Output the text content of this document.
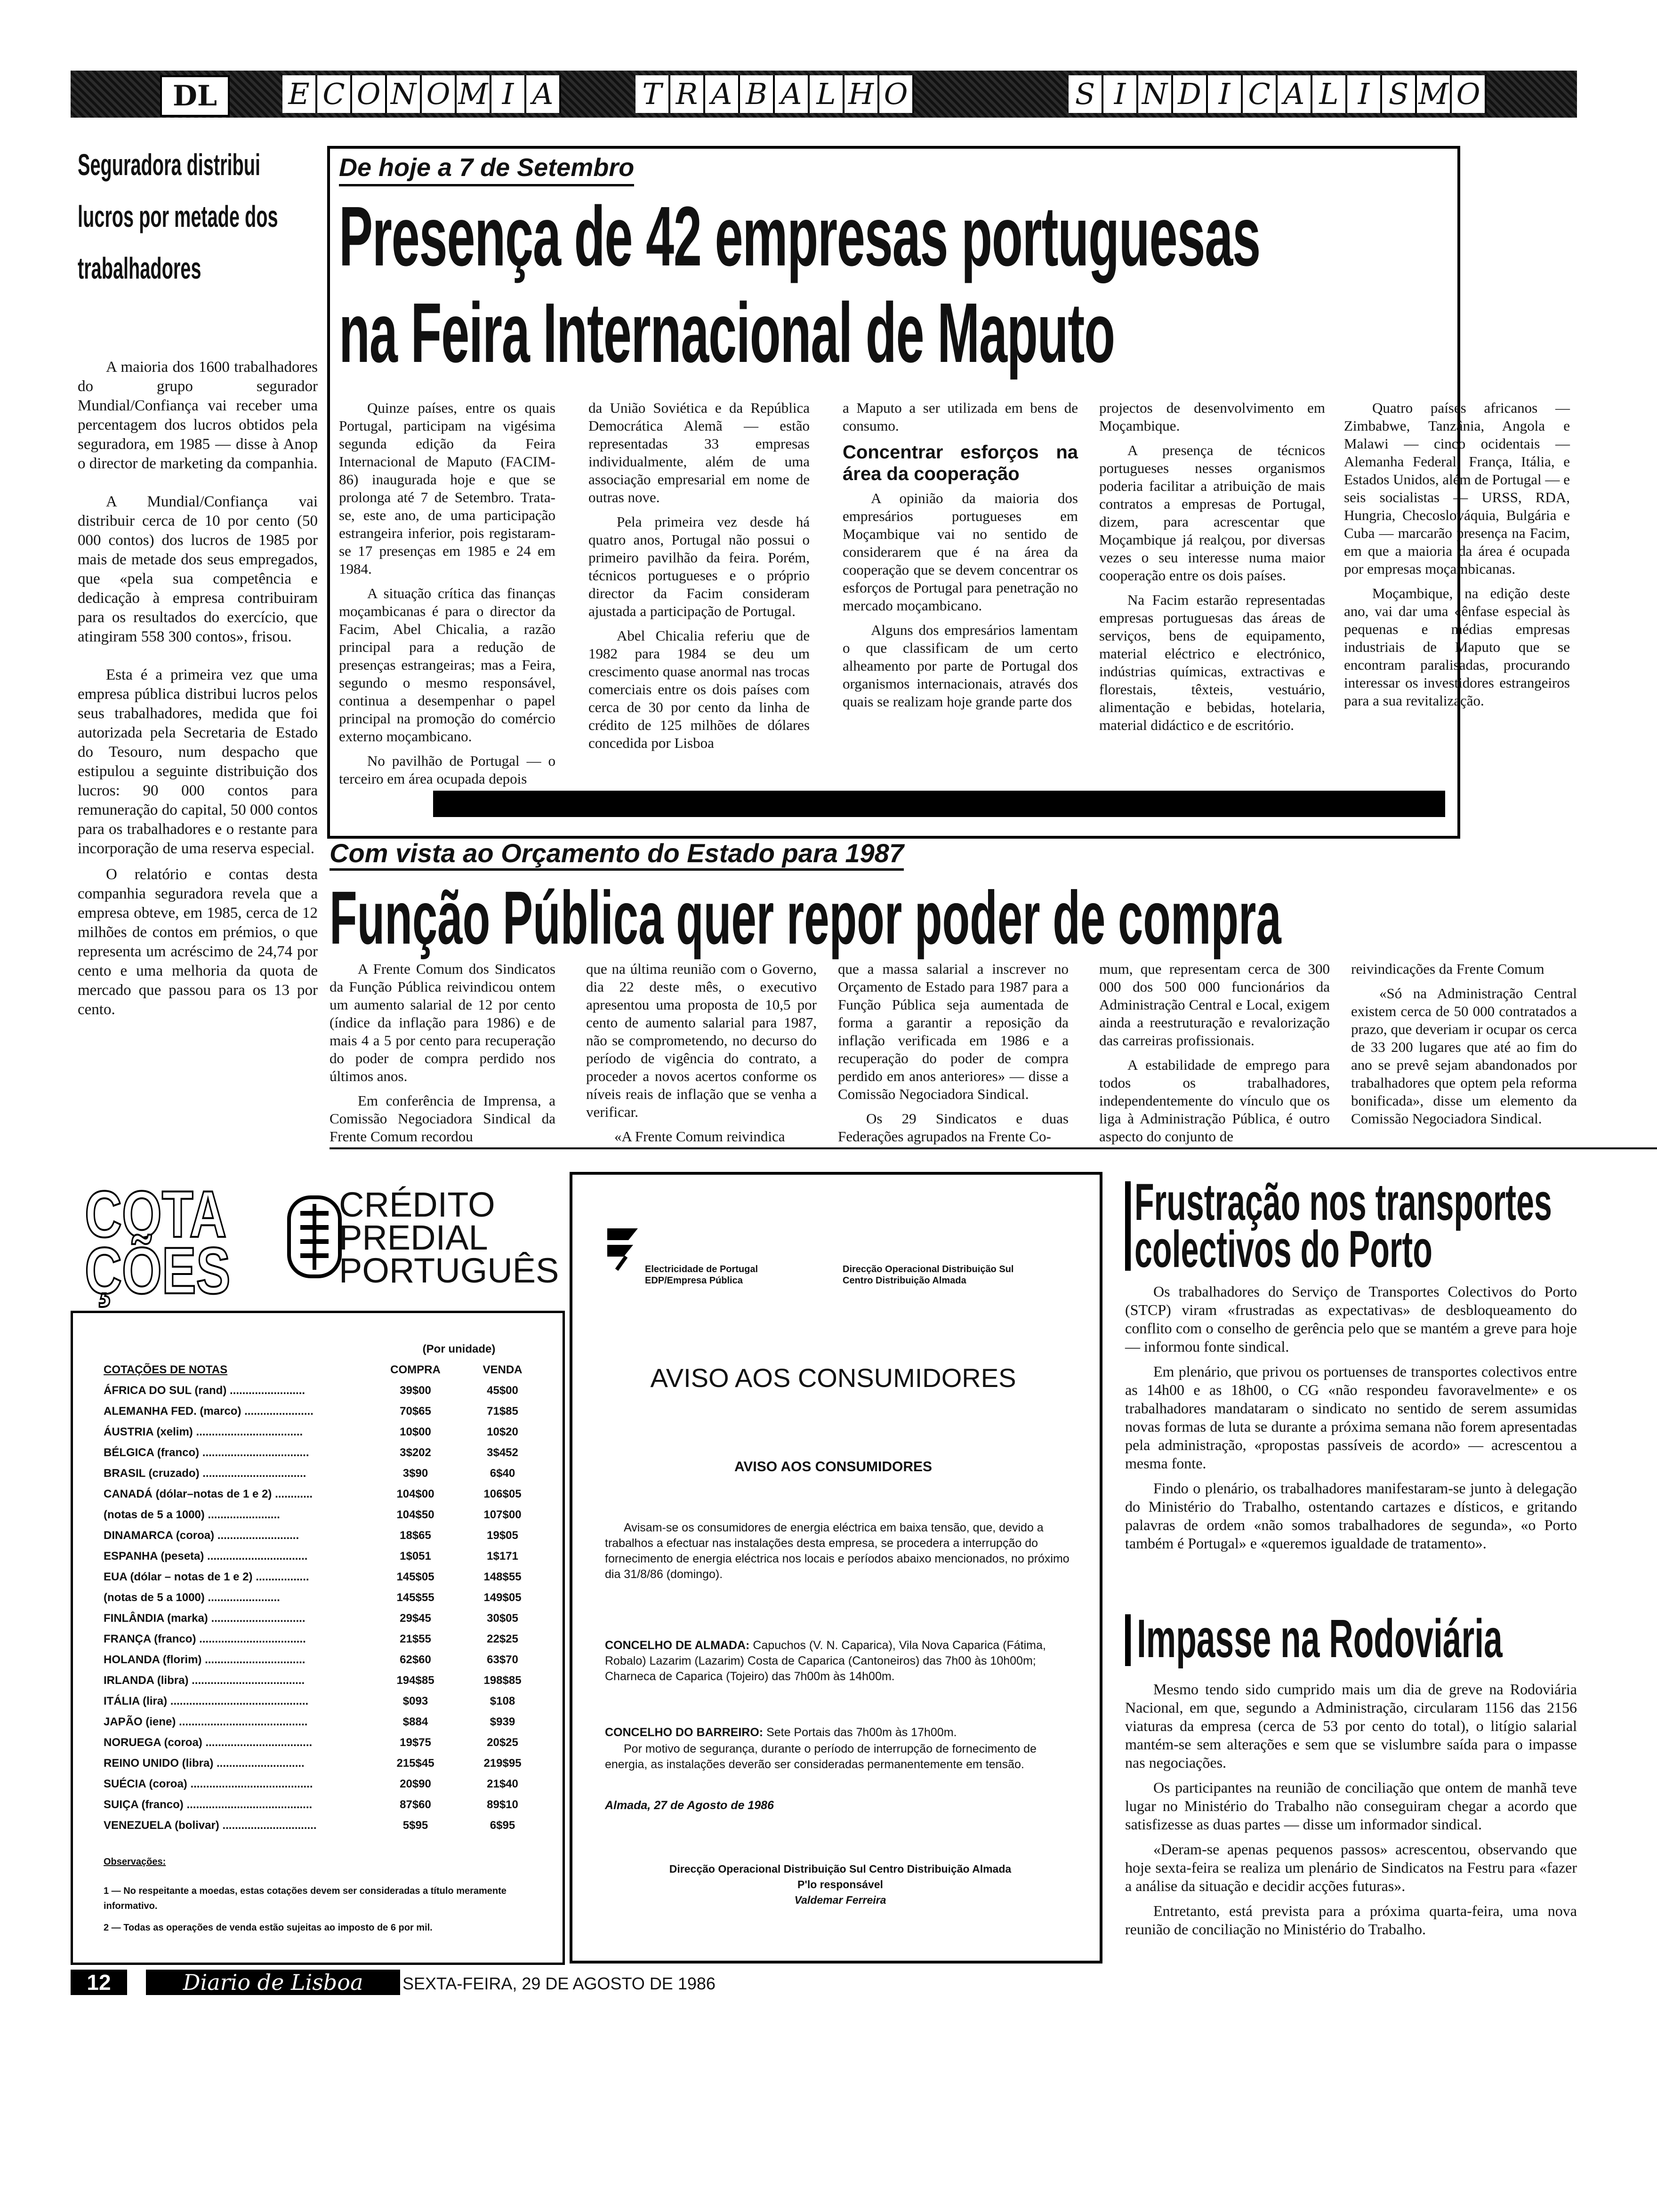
DL	E C O N O M I A	T R A B A L H O	S I N D I C A L I S M O
Seguradora distribui lucros por metade dos trabalhadores

A maioria dos 1600 trabalhadores do grupo segurador Mundial/Confiança vai receber uma percentagem dos lucros obtidos pela seguradora, em 1985 — disse à Anop o director de marketing da companhia.

A Mundial/Confiança vai distribuir cerca de 10 por cento (50 000 contos) dos lucros de 1985 por mais de metade dos seus empregados, que «pela sua competência e dedicação à empresa contribuiram para os resultados do exercício, que atingiram 558 300 contos», frisou.

Esta é a primeira vez que uma empresa pública distribui lucros pelos seus trabalhadores, medida que foi autorizada pela Secretaria de Estado do Tesouro, num despacho que estipulou a seguinte distribuição dos lucros: 90 000 contos para remuneração do capital, 50 000 contos para os trabalhadores e o restante para incorporação de uma reserva especial.

O relatório e contas desta companhia seguradora revela que a empresa obteve, em 1985, cerca de 12 milhões de contos em prémios, o que representa um acréscimo de 24,74 por cento e uma melhoria da quota de mercado que passou para os 13 por cento.

De hoje a 7 de Setembro
Presença de 42 empresas portuguesas
na Feira Internacional de Maputo

Quinze países, entre os quais Portugal, participam na vigésima segunda edição da Feira Internacional de Maputo (FACIM-86) inaugurada hoje e que se prolonga até 7 de Setembro. Trata-se, este ano, de uma participação estrangeira inferior, pois registaram-se 17 presenças em 1985 e 24 em 1984.

A situação crítica das finanças moçambicanas é para o director da Facim, Abel Chicalia, a razão principal para a redução de presenças estrangeiras; mas a Feira, segundo o mesmo responsável, continua a desempenhar o papel principal na promoção do comércio externo moçambicano.

No pavilhão de Portugal — o terceiro em área ocupada depois

da União Soviética e da República Democrática Alemã — estão representadas 33 empresas individualmente, além de uma associação empresarial em nome de outras nove.

Pela primeira vez desde há quatro anos, Portugal não possui o primeiro pavilhão da feira. Porém, técnicos portugueses e o próprio director da Facim consideram ajustada a participação de Portugal.

Abel Chicalia referiu que de 1982 para 1984 se deu um crescimento quase anormal nas trocas comerciais entre os dois países com cerca de 30 por cento da linha de crédito de 125 milhões de dólares concedida por Lisboa

a Maputo a ser utilizada em bens de consumo.

Concentrar esforços na área da cooperação

A opinião da maioria dos empresários portugueses em Moçambique vai no sentido de considerarem que é na área da cooperação que se devem concentrar os esforços de Portugal para penetração no mercado moçambicano.

Alguns dos empresários lamentam o que classificam de um certo alheamento por parte de Portugal dos organismos internacionais, através dos quais se realizam hoje grande parte dos

projectos de desenvolvimento em Moçambique.

A presença de técnicos portugueses nesses organismos poderia facilitar a atribuição de mais contratos a empresas de Portugal, dizem, para acrescentar que Moçambique já realçou, por diversas vezes o seu interesse numa maior cooperação entre os dois países.

Na Facim estarão representadas empresas portuguesas das áreas de serviços, bens de equipamento, material eléctrico e electrónico, indústrias químicas, extractivas e florestais, têxteis, vestuário, alimentação e bebidas, hotelaria, material didáctico e de escritório.

Quatro países africanos — Zimbabwe, Tanzânia, Angola e Malawi — cinco ocidentais — Alemanha Federal, França, Itália, e Estados Unidos, além de Portugal — e seis socialistas — URSS, RDA, Hungria, Checoslováquia, Bulgária e Cuba — marcarão presença na Facim, em que a maioria da área é ocupada por empresas moçambicanas.

Moçambique, na edição deste ano, vai dar uma «ênfase especial às pequenas e médias empresas industriais de Maputo que se encontram paralisadas, procurando interessar os investidores estrangeiros para a sua revitalização.

Com vista ao Orçamento do Estado para 1987
Função Pública quer repor poder de compra

A Frente Comum dos Sindicatos da Função Pública reivindicou ontem um aumento salarial de 12 por cento (índice da inflação para 1986) e de mais 4 a 5 por cento para recuperação do poder de compra perdido nos últimos anos.

Em conferência de Imprensa, a Comissão Negociadora Sindical da Frente Comum recordou

que na última reunião com o Governo, dia 22 deste mês, o executivo apresentou uma proposta de 10,5 por cento de aumento salarial para 1987, não se comprometendo, no decurso do período de vigência do contrato, a proceder a novos acertos conforme os níveis reais de inflação que se venha a verificar.

«A Frente Comum reivindica

que a massa salarial a inscrever no Orçamento de Estado para 1987 para a Função Pública seja aumentada de forma a garantir a reposição da inflação verificada em 1986 e a recuperação do poder de compra perdido em anos anteriores» — disse a Comissão Negociadora Sindical.

Os 29 Sindicatos e duas Federações agrupados na Frente Co-

mum, que representam cerca de 300 000 dos 500 000 funcionários da Administração Central e Local, exigem ainda a reestruturação e revalorização das carreiras profissionais.

A estabilidade de emprego para todos os trabalhadores, independentemente do vínculo que os liga à Administração Pública, é outro aspecto do conjunto de

reivindicações da Frente Comum

«Só na Administração Central existem cerca de 50 000 contratados a prazo, que deveriam ir ocupar os cerca de 33 200 lugares que até ao fim do ano se prevê sejam abandonados por trabalhadores que optem pela reforma bonificada», disse um elemento da Comissão Negociadora Sindical.

COTA
ÇÕES
CRÉDITO
PREDIAL
PORTUGUÊS
	(Por unidade)	
COTAÇÕES DE NOTAS	COMPRA	VENDA
ÁFRICA DO SUL (rand) ........................	39$00	45$00
ALEMANHA FED. (marco) ......................	70$65	71$85
ÁUSTRIA (xelim) ..................................	10$00	10$20
BÉLGICA (franco) ..................................	3$202	3$452
BRASIL (cruzado) .................................	3$90	6$40
CANADÁ (dólar–notas de 1 e 2) ............	104$00	106$05
(notas de 5 a 1000) .......................	104$50	107$00
DINAMARCA (coroa) ..........................	18$65	19$05
ESPANHA (peseta) ................................	1$051	1$171
EUA (dólar – notas de 1 e 2) .................	145$05	148$55
(notas de 5 a 1000) .......................	145$55	149$05
FINLÂNDIA (marka) ..............................	29$45	30$05
FRANÇA (franco) ..................................	21$55	22$25
HOLANDA (florim) ................................	62$60	63$70
IRLANDA (libra) ....................................	194$85	198$85
ITÁLIA (lira) ............................................	$093	$108
JAPÃO (iene) .........................................	$884	$939
NORUEGA (coroa) ..................................	19$75	20$25
REINO UNIDO (libra) ............................	215$45	219$95
SUÉCIA (coroa) .......................................	20$90	21$40
SUIÇA (franco) ........................................	87$60	89$10
VENEZUELA (bolivar) ..............................	5$95	6$95
Observações:
1 — No respeitante a moedas, estas cotações devem ser consideradas a título meramente informativo.
2 — Todas as operações de venda estão sujeitas ao imposto de 6 por mil.
Electricidade de Portugal
EDP/Empresa Pública
Direcção Operacional Distribuição Sul
Centro Distribuição Almada
AVISO AOS CONSUMIDORES
AVISO AOS CONSUMIDORES
Avisam-se os consumidores de energia eléctrica em baixa tensão, que, devido a trabalhos a efectuar nas instalações desta empresa, se procedera a interrupção do fornecimento de energia eléctrica nos locais e períodos abaixo mencionados, no próximo dia 31/8/86 (domingo).
CONCELHO DE ALMADA: Capuchos (V. N. Caparica), Vila Nova Caparica (Fátima, Robalo) Lazarim (Lazarim) Costa de Caparica (Cantoneiros) das 7h00 às 10h00m; Charneca de Caparica (Tojeiro) das 7h00m às 14h00m.
CONCELHO DO BARREIRO: Sete Portais das 7h00m às 17h00m.
Por motivo de segurança, durante o período de interrupção de fornecimento de energia, as instalações deverão ser consideradas permanentemente em tensão.
Almada, 27 de Agosto de 1986
Direcção Operacional Distribuição Sul Centro Distribuição Almada
P'lo responsável
Valdemar Ferreira
Frustração nos transportes
colectivos do Porto

Os trabalhadores do Serviço de Transportes Colectivos do Porto (STCP) viram «frustradas as expectativas» de desbloqueamento do conflito com o conselho de gerência pelo que se mantém a greve para hoje — informou fonte sindical.

Em plenário, que privou os portuenses de transportes colectivos entre as 14h00 e as 18h00, o CG «não respondeu favoravelmente» e os trabalhadores mandataram o sindicato no sentido de serem assumidas novas formas de luta se durante a próxima semana não forem apresentadas pela administração, «propostas passíveis de acordo» — acrescentou a mesma fonte.

Findo o plenário, os trabalhadores manifestaram-se junto à delegação do Ministério do Trabalho, ostentando cartazes e dísticos, e gritando palavras de ordem «não somos trabalhadores de segunda», «o Porto também é Portugal» e «queremos igualdade de tratamento».

Impasse na Rodoviária

Mesmo tendo sido cumprido mais um dia de greve na Rodoviária Nacional, em que, segundo a Administração, circularam 1156 das 2156 viaturas da empresa (cerca de 53 por cento do total), o litígio salarial mantém-se sem alterações e sem que se vislumbre saída para o impasse nas negociações.

Os participantes na reunião de conciliação que ontem de manhã teve lugar no Ministério do Trabalho não conseguiram chegar a acordo que satisfizesse as duas partes — disse um informador sindical.

«Deram-se apenas pequenos passos» acrescentou, observando que hoje sexta-feira se realiza um plenário de Sindicatos na Festru para «fazer a análise da situação e decidir acções futuras».

Entretanto, está prevista para a próxima quarta-feira, uma nova reunião de conciliação no Ministério do Trabalho.

12	Diario de Lisboa	SEXTA-FEIRA, 29 DE AGOSTO DE 1986
